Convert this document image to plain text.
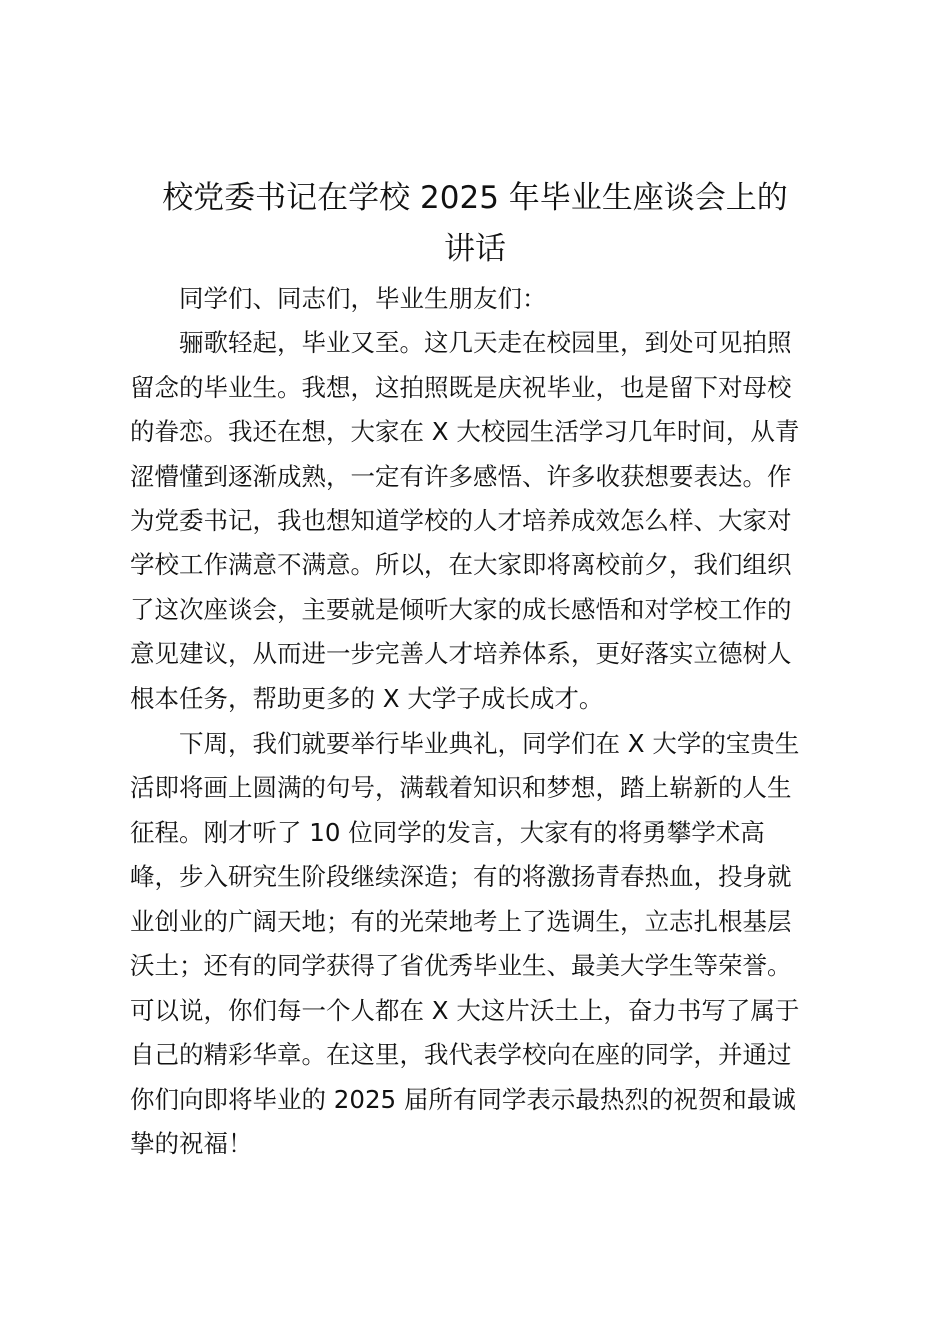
校党委书记在学校 2025 年毕业生座谈会上的
讲话

同学们、同志们，毕业生朋友们：

骊歌轻起，毕业又至。这几天走在校园里，到处可见拍照

留念的毕业生。我想，这拍照既是庆祝毕业，也是留下对母校

的眷恋。我还在想，大家在 X 大校园生活学习几年时间，从青

涩懵懂到逐渐成熟，一定有许多感悟、许多收获想要表达。作

为党委书记，我也想知道学校的人才培养成效怎么样、大家对

学校工作满意不满意。所以，在大家即将离校前夕，我们组织

了这次座谈会，主要就是倾听大家的成长感悟和对学校工作的

意见建议，从而进一步完善人才培养体系，更好落实立德树人

根本任务，帮助更多的 X 大学子成长成才。

下周，我们就要举行毕业典礼，同学们在 X 大学的宝贵生

活即将画上圆满的句号，满载着知识和梦想，踏上崭新的人生

征程。刚才听了 10 位同学的发言，大家有的将勇攀学术高

峰，步入研究生阶段继续深造；有的将激扬青春热血，投身就

业创业的广阔天地；有的光荣地考上了选调生，立志扎根基层

沃土；还有的同学获得了省优秀毕业生、最美大学生等荣誉。

可以说，你们每一个人都在 X 大这片沃土上，奋力书写了属于

自己的精彩华章。在这里，我代表学校向在座的同学，并通过

你们向即将毕业的 2025 届所有同学表示最热烈的祝贺和最诚

挚的祝福！
